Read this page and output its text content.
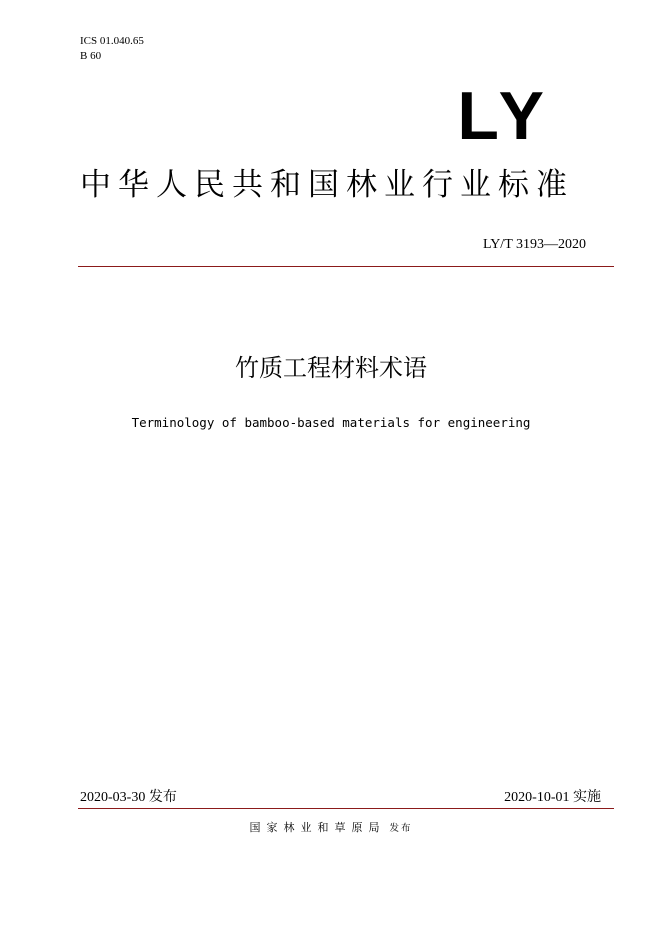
ICS 01.040.65
B 60
LY
中华人民共和国林业行业标准
LY/T 3193—2020
竹质工程材料术语
Terminology of bamboo-based materials for engineering
2020-03-30 发布	2020-10-01 实施
国家林业和草原局 发布
